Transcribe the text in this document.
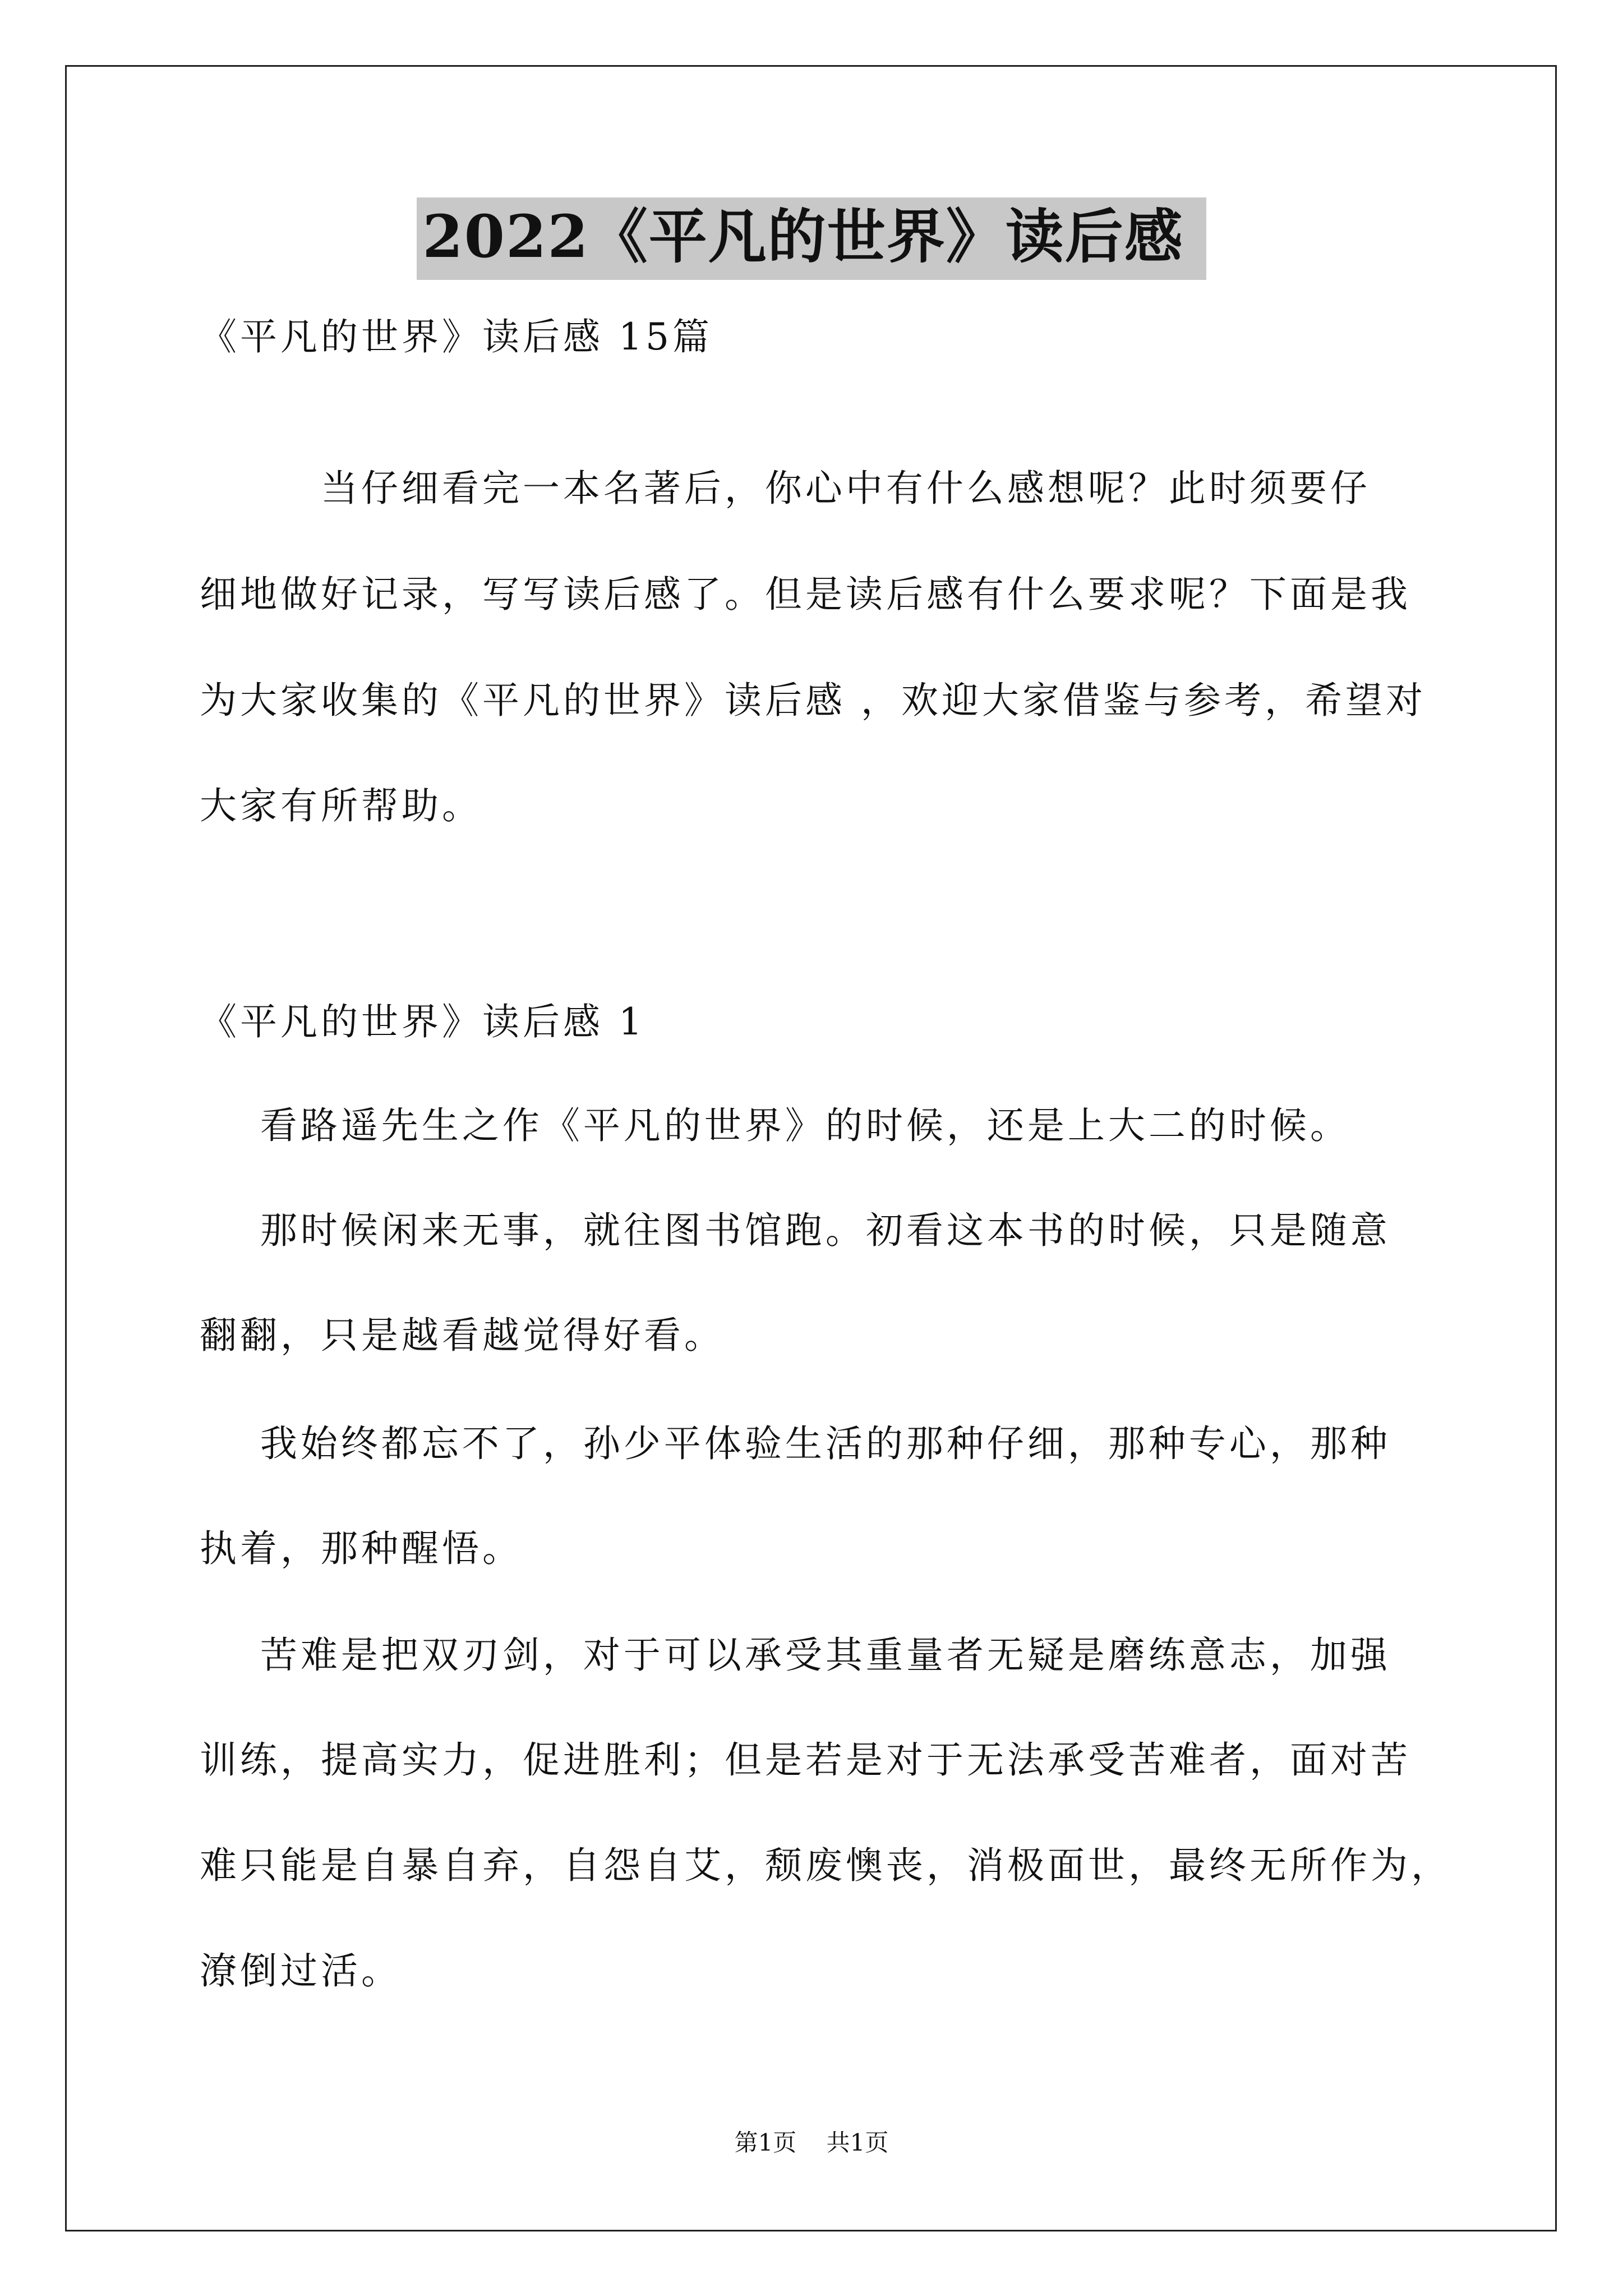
2022《平凡的世界》读后感
《平凡的世界》读后感 15篇
当仔细看完一本名著后，你心中有什么感想呢？此时须要仔
细地做好记录，写写读后感了。但是读后感有什么要求呢？下面是我
为大家收集的《平凡的世界》读后感 ，欢迎大家借鉴与参考，希望对
大家有所帮助。
《平凡的世界》读后感 1
看路遥先生之作《平凡的世界》的时候，还是上大二的时候。
那时候闲来无事，就往图书馆跑。初看这本书的时候，只是随意
翻翻，只是越看越觉得好看。
我始终都忘不了，孙少平体验生活的那种仔细，那种专心，那种
执着，那种醒悟。
苦难是把双刃剑，对于可以承受其重量者无疑是磨练意志，加强
训练，提高实力，促进胜利；但是若是对于无法承受苦难者，面对苦
难只能是自暴自弃，自怨自艾，颓废懊丧，消极面世，最终无所作为，
潦倒过活。
第1页    共1页
